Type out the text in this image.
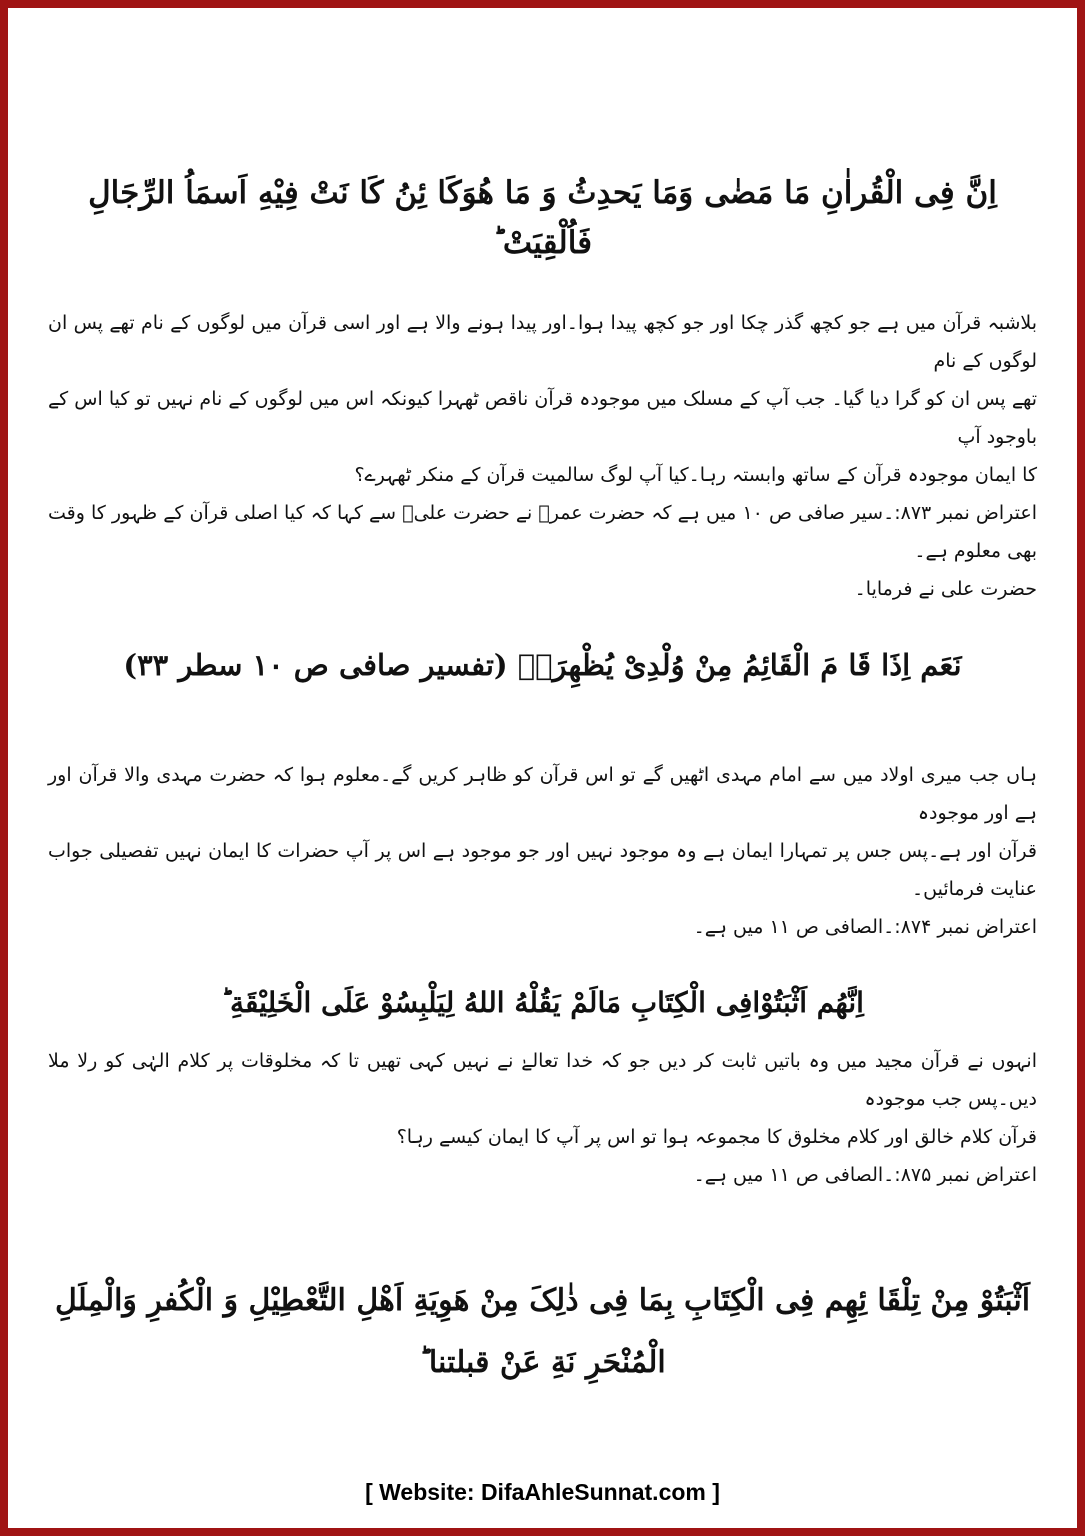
اِنَّ فِی الْقُراٰنِ مَا مَضٰی وَمَا یَحدِثُ وَ مَا ھُوَکَا ئِنُ کَا نَتْ فِیْهِ اَسمَاُ الرِّجَالِ فَاُلْقِیَتْ ؕ

بلاشبہ قرآن میں ہے جو کچھ گذر چکا اور جو کچھ پیدا ہوا۔اور پیدا ہونے والا ہے اور اسی قرآن میں لوگوں کے نام تھے پس ان لوگوں کے نام

تھے پس ان کو گرا دیا گیا۔ جب آپ کے مسلک میں موجودہ قرآن ناقص ٹھہرا کیونکہ اس میں لوگوں کے نام نہیں تو کیا اس کے باوجود آپ

کا ایمان موجودہ قرآن کے ساتھ وابستہ رہا۔کیا آپ لوگ سالمیت قرآن کے منکر ٹھہرے؟

اعتراض نمبر ۸۷۳:۔سیر صافی ص ۱۰ میں ہے کہ حضرت عمرؓ نے حضرت علیؑ سے کہا کہ کیا اصلی قرآن کے ظہور کا وقت بھی معلوم ہے۔

حضرت علی نے فرمایا۔

نَعَم اِذَا قَا مَ الْقَائِمُ مِنْ وُلْدِیْ یُظْھِرَہٗ (تفسیر صافی ص ۱۰ سطر ۳۳)

ہاں جب میری اولاد میں سے امام مہدی اٹھیں گے تو اس قرآن کو ظاہر کریں گے۔معلوم ہوا کہ حضرت مہدی والا قرآن اور ہے اور موجودہ

قرآن اور ہے۔پس جس پر تمہارا ایمان ہے وہ موجود نہیں اور جو موجود ہے اس پر آپ حضرات کا ایمان نہیں تفصیلی جواب عنایت فرمائیں۔

اعتراض نمبر ۸۷۴:۔الصافی ص ۱۱ میں ہے۔

اِنَّھُم اَثْبَتُوْافِی الْکِتَابِ مَالَمْ یَقُلْهُ اللهُ لِیَلْبِسُوْ عَلَی الْخَلِیْقَةِ ؕ

انہوں نے قرآن مجید میں وہ باتیں ثابت کر دیں جو کہ خدا تعالےٰ نے نہیں کہی تھیں تا کہ مخلوقات پر کلام الہٰی کو رلا ملا دیں۔پس جب موجودہ

قرآن کلام خالق اور کلام مخلوق کا مجموعہ ہوا تو اس پر آپ کا ایمان کیسے رہا؟

اعتراض نمبر ۸۷۵:۔الصافی ص ۱۱ میں ہے۔

اَثْبَتُوْ مِنْ تِلْقَا ئِھِم فِی الْکِتَابِ بِمَا فِی ذٰلِکَ مِنْ ھَوِیَةِ اَھْلِ التَّعْطِیْلِ وَ الْکُفرِ وَالْمِلَلِ
الْمُنْحَرِ نَةِ عَنْ قبلتنا ؕ
[ Website: DifaAhleSunnat.com ]
